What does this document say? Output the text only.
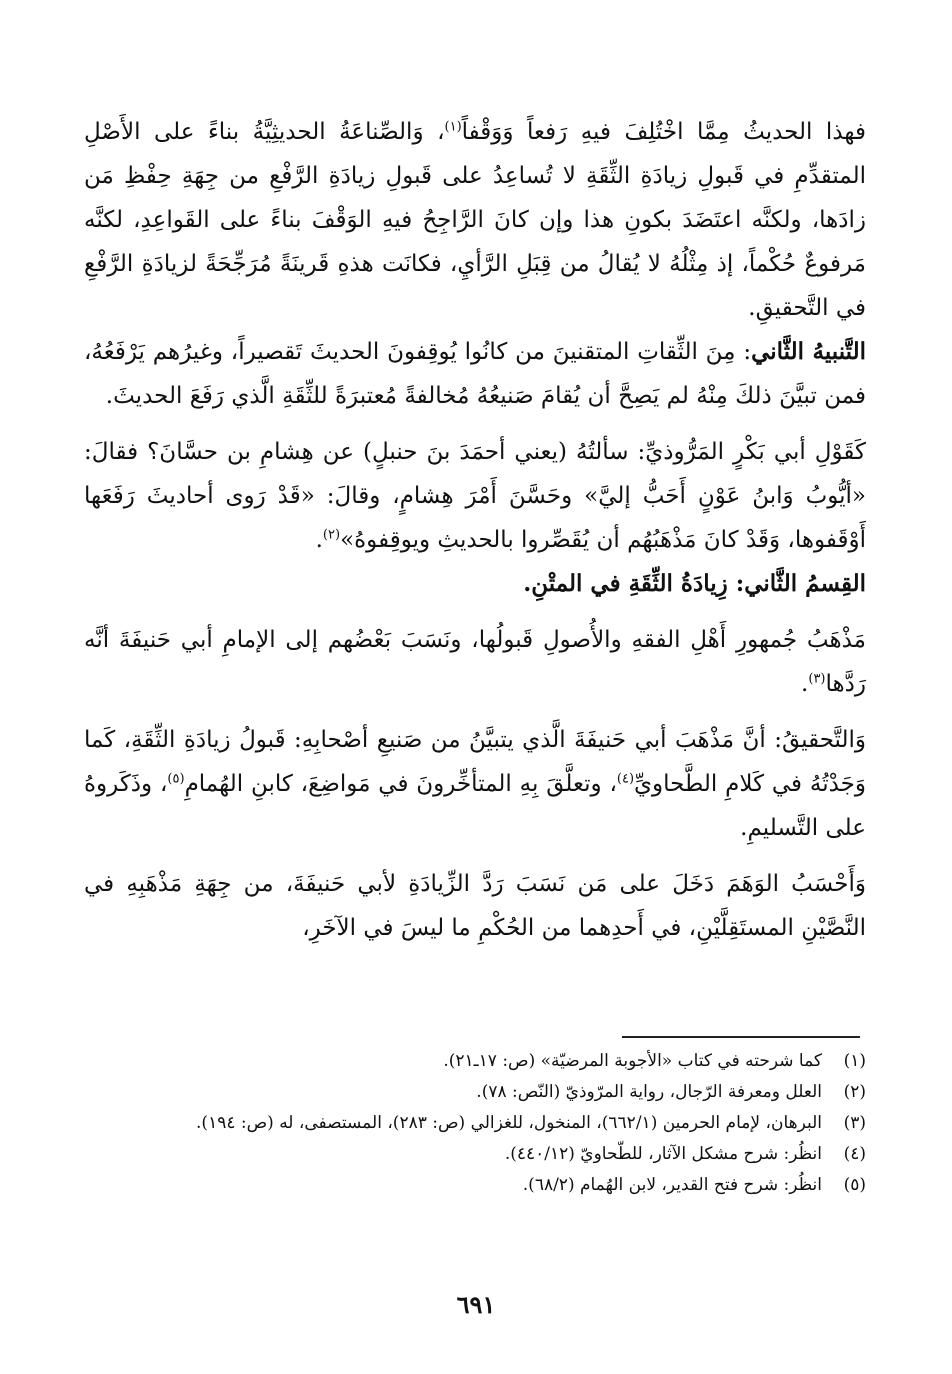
فهذا الحديثُ مِمَّا اخْتُلِفَ فيهِ رَفعاً وَوَقْفاً$^{(١)}$، وَالصِّناعَةُ الحديثِيَّةُ بناءً على الأَصْلِ المتقدِّمِ في قَبولِ زيادَةِ الثِّقَةِ لا تُساعِدُ على قَبولِ زيادَةِ الرَّفْعِ من جِهَةِ حِفْظِ مَن زادَها، ولكنَّه اعتَضَدَ بكونِ هذا وإن كانَ الرَّاجِحُ فيهِ الوَقْفَ بناءً على القَواعِدِ، لكنَّه مَرفوعٌ حُكْماً، إذ مِثْلُهُ لا يُقالُ من قِبَلِ الرَّأيِ، فكانَت هذهِ قَرينَةً مُرَجِّحَةً لزيادَةِ الرَّفْعِ في التَّحقيقِ.

التَّنبيهُ الثَّاني: مِنَ الثِّقاتِ المتقنينَ من كانُوا يُوقِفونَ الحديثَ تَقصيراً، وغيرُهم يَرْفَعُهُ، فمن تبيَّنَ ذلكَ مِنْهُ لم يَصِحَّ أن يُقامَ صَنيعُهُ مُخالفةً مُعتبرَةً للثِّقَةِ الَّذي رَفَعَ الحديثَ.

كَقَوْلِ أبي بَكْرٍ المَرُّوذيِّ: سألتُهُ (يعني أحمَدَ بنَ حنبلٍ) عن هِشامِ بن حسَّانَ؟ فقالَ: «أيُّوبُ وَابنُ عَوْنٍ أَحَبُّ إليَّ» وحَسَّنَ أَمْرَ هِشامٍ، وقالَ: «قَدْ رَوى أحاديثَ رَفَعَها أَوْقَفوها، وَقَدْ كانَ مَذْهَبُهُم أن يُقَصِّروا بالحديثِ ويوقِفوهُ»$^{(٢)}$.

القِسمُ الثَّاني: زِيادَةُ الثِّقَةِ في المتْنِ.

مَذْهَبُ جُمهورِ أَهْلِ الفقهِ والأُصولِ قَبولُها، ونَسَبَ بَعْضُهم إلى الإمامِ أبي حَنيفَةَ أنَّه رَدَّها$^{(٣)}$.

وَالتَّحقيقُ: أنَّ مَذْهَبَ أبي حَنيفَةَ الَّذي يتبيَّنُ من صَنيعِ أصْحابِهِ: قَبولُ زيادَةِ الثِّقَةِ، كَما وَجَدْتُهُ في كَلامِ الطَّحاويِّ$^{(٤)}$، وتعلَّقَ بِهِ المتأخِّرونَ في مَواضِعَ، كابنِ الهُمامِ$^{(٥)}$، وذَكَروهُ على التَّسليمِ.

وَأَحْسَبُ الوَهَمَ دَخَلَ على مَن نَسَبَ رَدَّ الزِّيادَةِ لأبي حَنيفَةَ، من جِهَةِ مَذْهَبِهِ في النَّصَّيْنِ المستَقِلَّيْنِ، في أَحدِهما من الحُكْمِ ما ليسَ في الآخَرِ،

(١)
كما شرحته في كتاب «الأجوبة المرضيّة» (ص: ١٧ـ٢١).
(٢)
العلل ومعرفة الرّجال، رواية المرّوذيّ (النّص: ٧٨).
(٣)
البرهان، لإمام الحرمين (٦٦٢/١)، المنخول، للغزالي (ص: ٢٨٣)، المستصفى، له (ص: ١٩٤).
(٤)
انظُر: شرح مشكل الآثار، للطّحاويّ (٤٤٠/١٢).
(٥)
انظُر: شرح فتح القدير، لابن الهُمام (٦٨/٢).
٦٩١
